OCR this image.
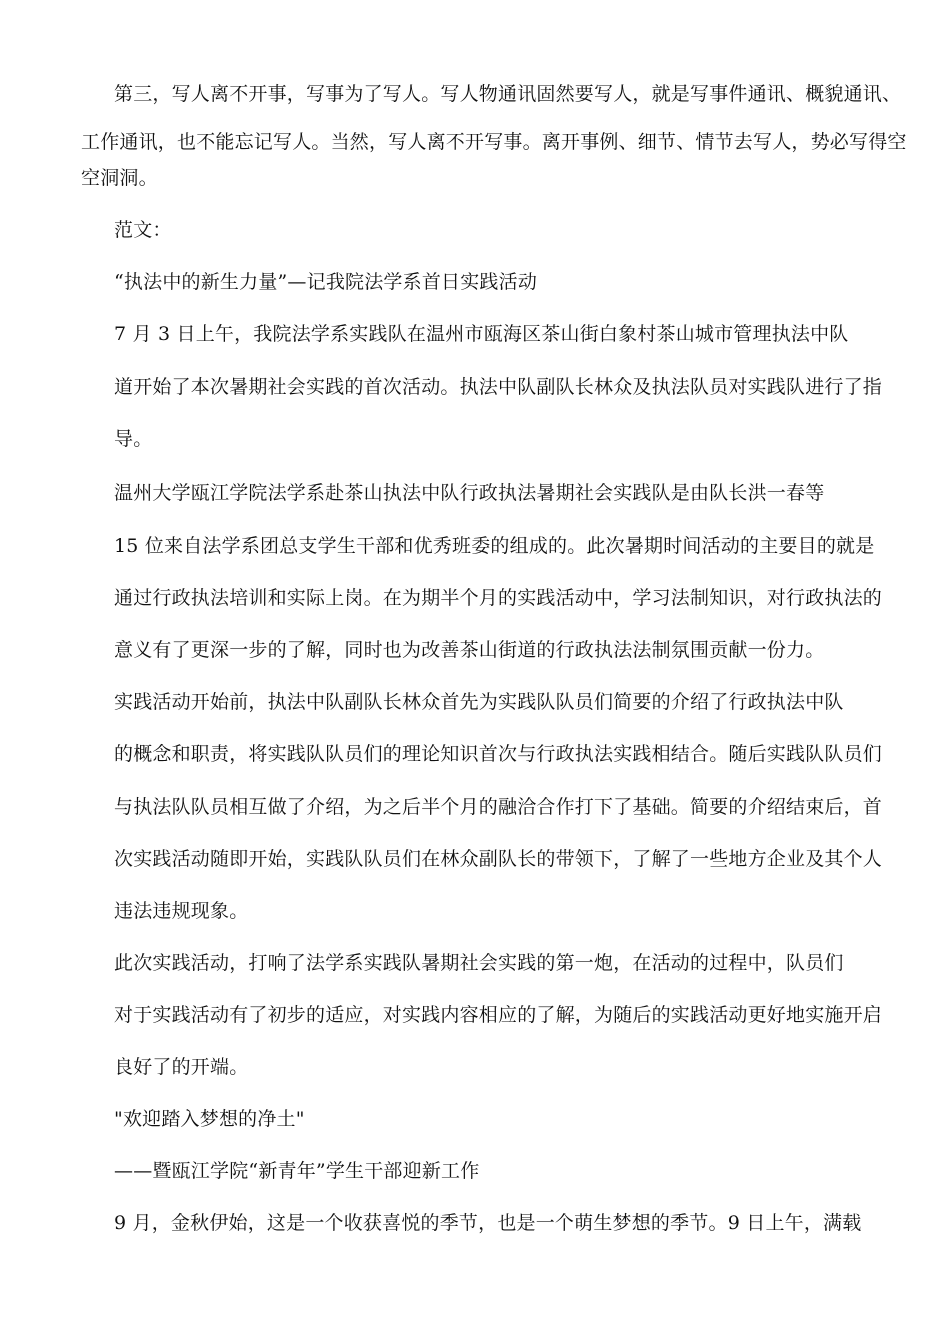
第三，写人离不开事，写事为了写人。写人物通讯固然要写人，就是写事件通讯、概貌通讯、
工作通讯，也不能忘记写人。当然，写人离不开写事。离开事例、细节、情节去写人，势必写得空
空洞洞。
范文：
“执法中的新生力量”—记我院法学系首日实践活动
7 月 3 日上午，我院法学系实践队在温州市瓯海区茶山街白象村茶山城市管理执法中队
道开始了本次暑期社会实践的首次活动。执法中队副队长林众及执法队员对实践队进行了指
导。
温州大学瓯江学院法学系赴茶山执法中队行政执法暑期社会实践队是由队长洪一春等
15 位来自法学系团总支学生干部和优秀班委的组成的。此次暑期时间活动的主要目的就是
通过行政执法培训和实际上岗。在为期半个月的实践活动中，学习法制知识，对行政执法的
意义有了更深一步的了解，同时也为改善茶山街道的行政执法法制氛围贡献一份力。
实践活动开始前，执法中队副队长林众首先为实践队队员们简要的介绍了行政执法中队
的概念和职责，将实践队队员们的理论知识首次与行政执法实践相结合。随后实践队队员们
与执法队队员相互做了介绍，为之后半个月的融洽合作打下了基础。简要的介绍结束后，首
次实践活动随即开始，实践队队员们在林众副队长的带领下，了解了一些地方企业及其个人
违法违规现象。
此次实践活动，打响了法学系实践队暑期社会实践的第一炮，在活动的过程中，队员们
对于实践活动有了初步的适应，对实践内容相应的了解，为随后的实践活动更好地实施开启
良好了的开端。
"欢迎踏入梦想的净土"
——暨瓯江学院“新青年”学生干部迎新工作
9 月，金秋伊始，这是一个收获喜悦的季节，也是一个萌生梦想的季节。9 日上午，满载
